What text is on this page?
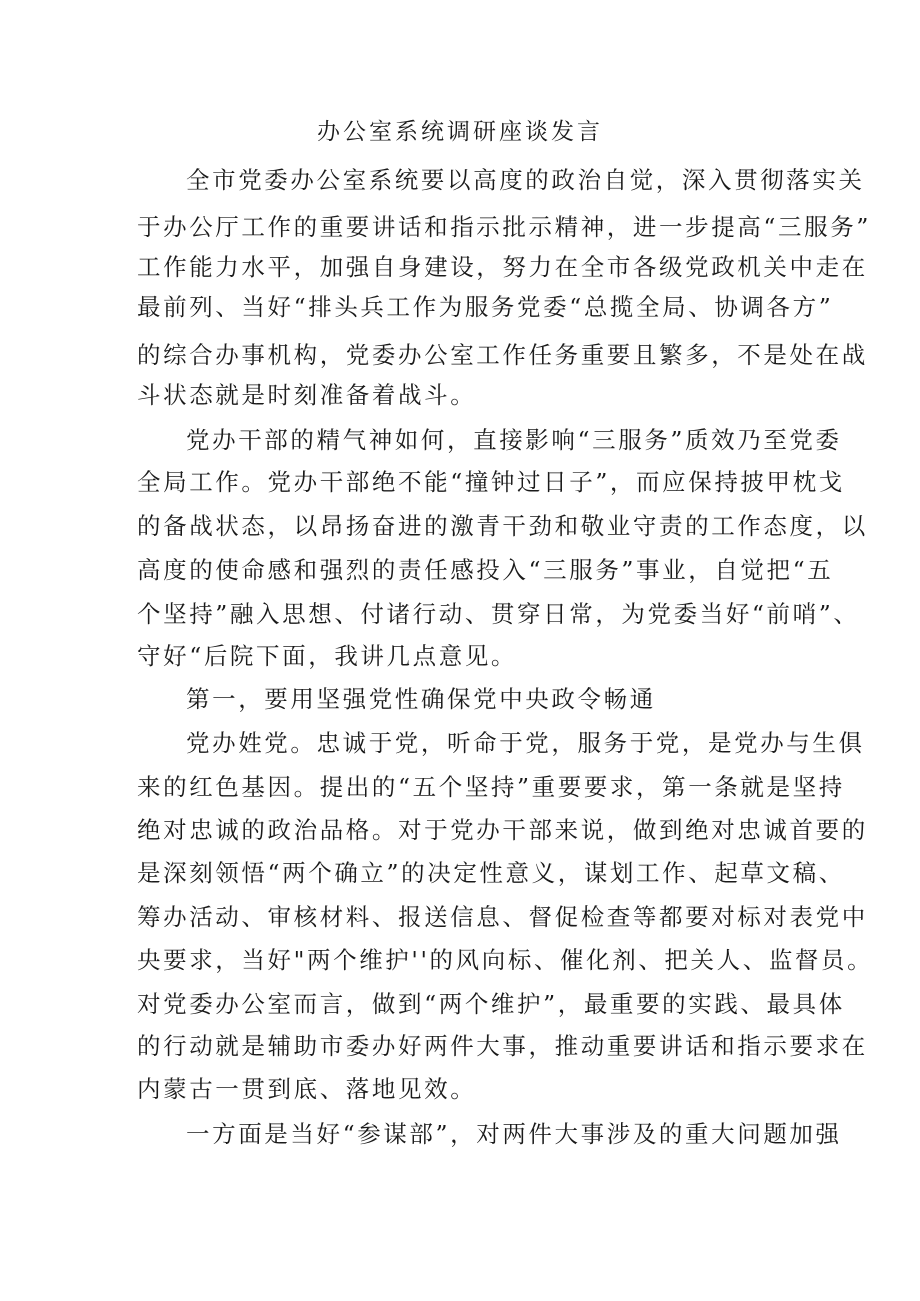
办公室系统调研座谈发言
全市党委办公室系统要以高度的政治自觉，深入贯彻落实关
于办公厅工作的重要讲话和指示批示精神，进一步提高“三服务”
工作能力水平，加强自身建设，努力在全市各级党政机关中走在
最前列、当好“排头兵工作为服务党委“总揽全局、协调各方”
的综合办事机构，党委办公室工作任务重要且繁多，不是处在战
斗状态就是时刻准备着战斗。
党办干部的精气神如何，直接影响“三服务”质效乃至党委
全局工作。党办干部绝不能“撞钟过日子”，而应保持披甲枕戈
的备战状态，以昂扬奋进的激青干劲和敬业守责的工作态度，以
高度的使命感和强烈的责任感投入“三服务”事业，自觉把“五
个坚持”融入思想、付诸行动、贯穿日常，为党委当好“前哨”、
守好“后院下面，我讲几点意见。
第一，要用坚强党性确保党中央政令畅通
党办姓党。忠诚于党，听命于党，服务于党，是党办与生俱
来的红色基因。提出的“五个坚持”重要要求，第一条就是坚持
绝对忠诚的政治品格。对于党办干部来说，做到绝对忠诚首要的
是深刻领悟“两个确立”的决定性意义，谋划工作、起草文稿、
筹办活动、审核材料、报送信息、督促检查等都要对标对表党中
央要求，当好"两个维护''的风向标、催化剂、把关人、监督员。
对党委办公室而言，做到“两个维护”，最重要的实践、最具体
的行动就是辅助市委办好两件大事，推动重要讲话和指示要求在
内蒙古一贯到底、落地见效。
一方面是当好“参谋部”，对两件大事涉及的重大问题加强
